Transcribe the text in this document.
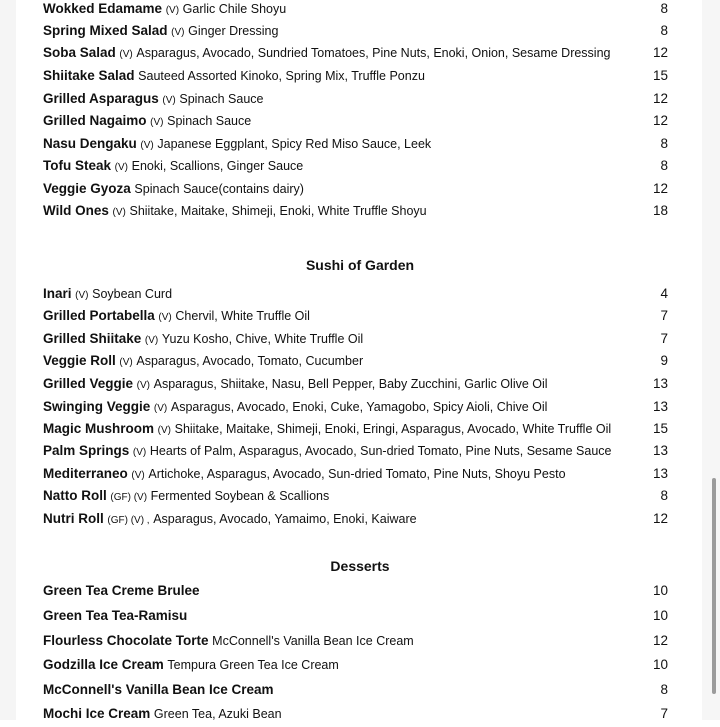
Wokked Edamame (V) Garlic Chile Shoyu	8
Spring Mixed Salad (V) Ginger Dressing	8
Soba Salad (V) Asparagus, Avocado, Sundried Tomatoes, Pine Nuts, Enoki, Onion, Sesame Dressing	12
Shiitake Salad Sauteed Assorted Kinoko, Spring Mix, Truffle Ponzu	15
Grilled Asparagus (V) Spinach Sauce	12
Grilled Nagaimo (V) Spinach Sauce	12
Nasu Dengaku (V) Japanese Eggplant, Spicy Red Miso Sauce, Leek	8
Tofu Steak (V) Enoki, Scallions, Ginger Sauce	8
Veggie Gyoza Spinach Sauce(contains dairy)	12
Wild Ones (V) Shiitake, Maitake, Shimeji, Enoki, White Truffle Shoyu	18
Sushi of Garden
Inari (V) Soybean Curd	4
Grilled Portabella (V) Chervil, White Truffle Oil	7
Grilled Shiitake (V) Yuzu Kosho, Chive, White Truffle Oil	7
Veggie Roll (V) Asparagus, Avocado, Tomato, Cucumber	9
Grilled Veggie (V) Asparagus, Shiitake, Nasu, Bell Pepper, Baby Zucchini, Garlic Olive Oil	13
Swinging Veggie (V) Asparagus, Avocado, Enoki, Cuke, Yamagobo, Spicy Aioli, Chive Oil	13
Magic Mushroom (V) Shiitake, Maitake, Shimeji, Enoki, Eringi, Asparagus, Avocado, White Truffle Oil	15
Palm Springs (V) Hearts of Palm, Asparagus, Avocado, Sun-dried Tomato, Pine Nuts, Sesame Sauce	13
Mediterraneo (V) Artichoke, Asparagus, Avocado, Sun-dried Tomato, Pine Nuts, Shoyu Pesto	13
Natto Roll (GF) (V) Fermented Soybean & Scallions	8
Nutri Roll (GF) (V) , Asparagus, Avocado, Yamaimo, Enoki, Kaiware	12
Desserts
Green Tea Creme Brulee	10
Green Tea Tea-Ramisu	10
Flourless Chocolate Torte McConnell's Vanilla Bean Ice Cream	12
Godzilla Ice Cream Tempura Green Tea Ice Cream	10
McConnell's Vanilla Bean Ice Cream	8
Mochi Ice Cream Green Tea, Azuki Bean	7
